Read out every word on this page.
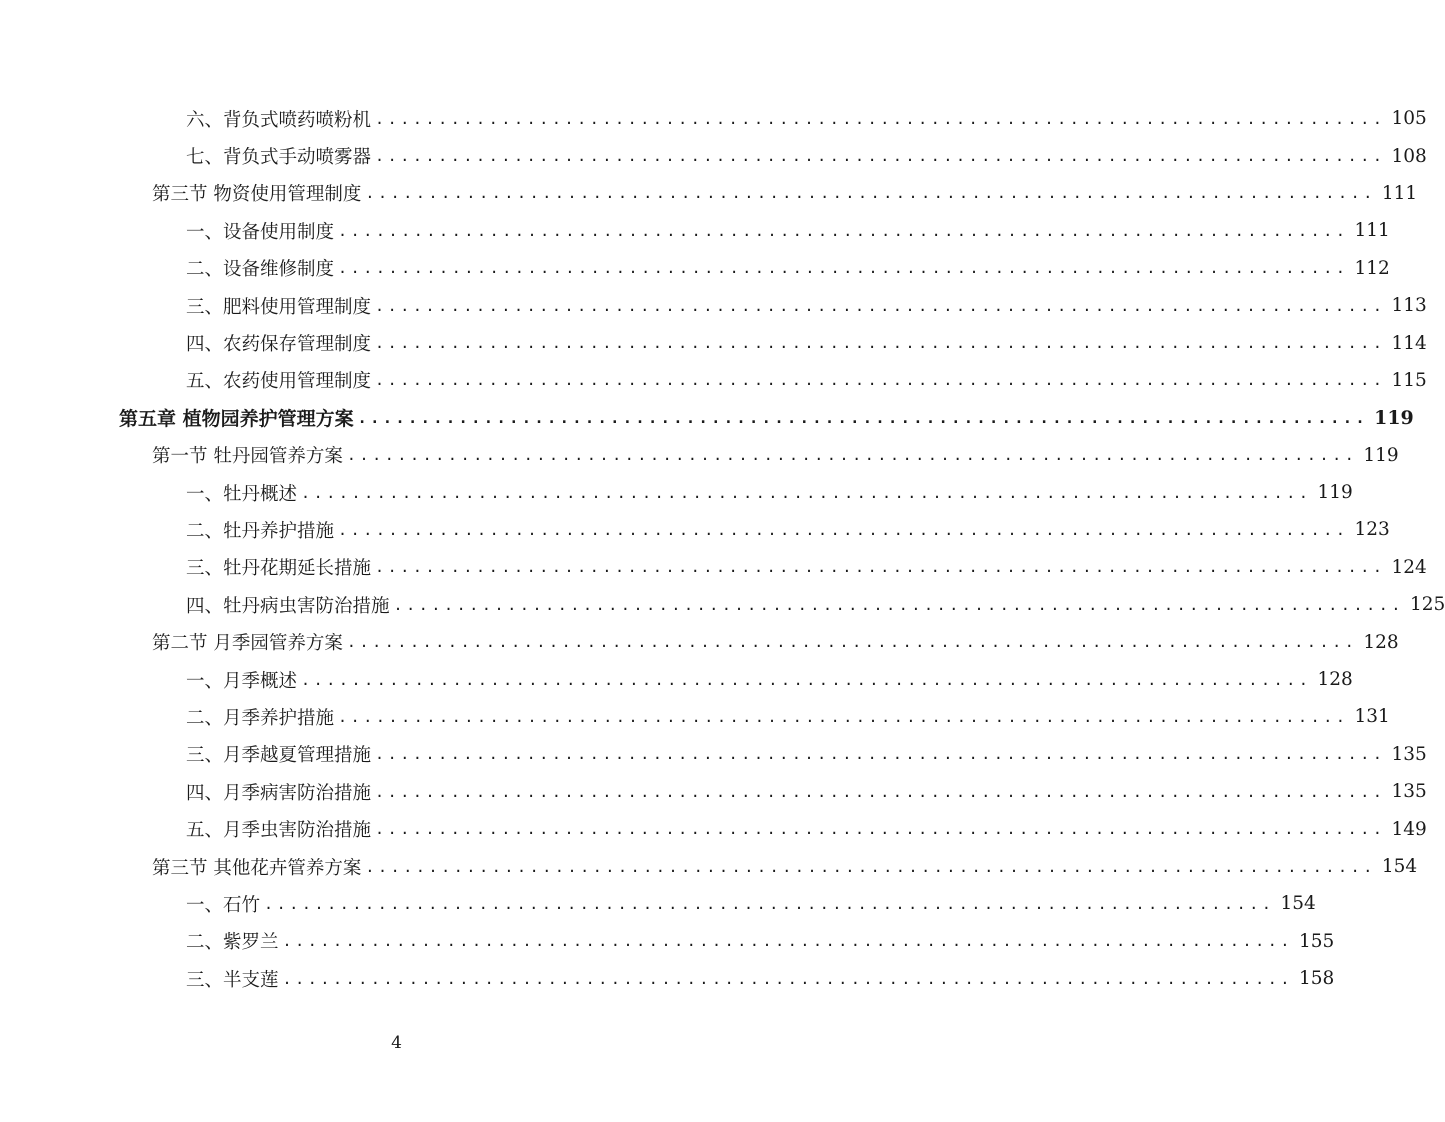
六、背负式喷药喷粉机 ................................................................................ 105
七、背负式手动喷雾器 ................................................................................ 108
第三节 物资使用管理制度 ................................................................................ 111
一、设备使用制度 ................................................................................ 111
二、设备维修制度 ................................................................................ 112
三、肥料使用管理制度 ................................................................................ 113
四、农药保存管理制度 ................................................................................ 114
五、农药使用管理制度 ................................................................................ 115
第五章 植物园养护管理方案 ................................................................................ 119
第一节 牡丹园管养方案 ................................................................................ 119
一、牡丹概述 ................................................................................ 119
二、牡丹养护措施 ................................................................................ 123
三、牡丹花期延长措施 ................................................................................ 124
四、牡丹病虫害防治措施 ................................................................................ 125
第二节 月季园管养方案 ................................................................................ 128
一、月季概述 ................................................................................ 128
二、月季养护措施 ................................................................................ 131
三、月季越夏管理措施 ................................................................................ 135
四、月季病害防治措施 ................................................................................ 135
五、月季虫害防治措施 ................................................................................ 149
第三节 其他花卉管养方案 ................................................................................ 154
一、石竹 ................................................................................ 154
二、紫罗兰 ................................................................................ 155
三、半支莲 ................................................................................ 158
4
